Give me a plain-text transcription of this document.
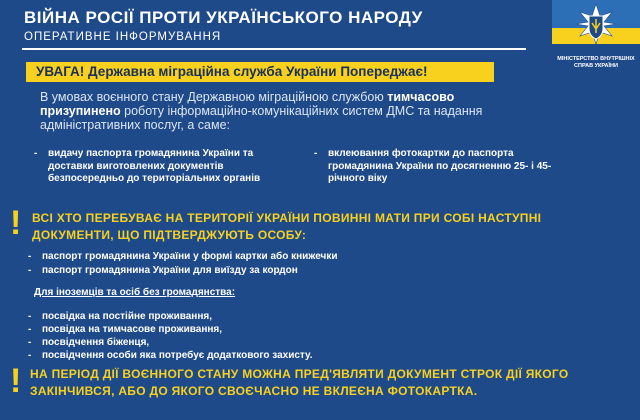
ВІЙНА РОСІЇ ПРОТИ УКРАЇНСЬКОГО НАРОДУ
ОПЕРАТИВНЕ ІНФОРМУВАННЯ
МІНІСТЕРСТВО ВНУТРІШНІХ СПРАВ УКРАЇНИ
УВАГА! Державна міграційна служба України Попереджає!
В умовах воєнного стану Державною міграційною службою тимчасово призупинено роботу інформаційно-комунікаційних систем ДМС та надання адміністративних послуг, а саме:
-	видачу паспорта громадянина України та доставки виготовлених документів безпосередньо до територіальних органів
-	вклеювання фотокартки до паспорта громадянина України по досягненню 25- і 45-річного віку
! ВСІ ХТО ПЕРЕБУВАЄ НА ТЕРИТОРІЇ УКРАЇНИ ПОВИННІ МАТИ ПРИ СОБІ НАСТУПНІ ДОКУМЕНТИ, ЩО ПІДТВЕРДЖУЮТЬ ОСОБУ:
-	паспорт громадянина України у формі картки або книжечки
-	паспорт громадянина України для виїзду за кордон
Для іноземців та осіб без громадянства:
-	посвідка на постійне проживання,
-	посвідка на тимчасове проживання,
-	посвідчення біженця,
-	посвідчення особи яка потребує додаткового захисту.
! НА ПЕРІОД ДІЇ ВОЄННОГО СТАНУ МОЖНА ПРЕД'ЯВЛЯТИ ДОКУМЕНТ СТРОК ДІЇ ЯКОГО ЗАКІНЧИВСЯ, АБО ДО ЯКОГО СВОЄЧАСНО НЕ ВКЛЕЄНА ФОТОКАРТКА.
